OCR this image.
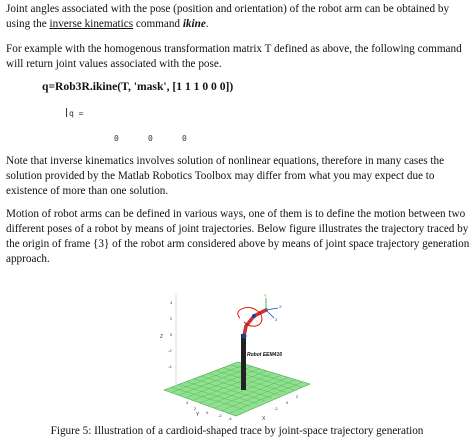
Joint angles associated with the pose (position and orientation) of the robot arm can be obtained by using the inverse kinematics command ikine.
For example with the homogenous transformation matrix T defined as above, the following command will return joint values associated with the pose.
q=Rob3R.ikine(T, 'mask', [1 1 1 0 0 0])
q =
0	0	0
Note that inverse kinematics involves solution of nonlinear equations, therefore in many cases the solution provided by the Matlab Robotics Toolbox may differ from what you may expect due to existence of more than one solution.
Motion of robot arms can be defined in various ways, one of them is to define the motion between two different poses of a robot by means of joint trajectories. Below figure illustrates the trajectory traced by the origin of frame {3} of the robot arm considered above by means of joint space trajectory generation approach.
4
2
0
-2
-4
Z
Y
X
4
2
0
-2
-4
-2
0
2
X
Y
Z
Robot EEM416
Figure 5: Illustration of a cardioid-shaped trace by joint-space trajectory generation
